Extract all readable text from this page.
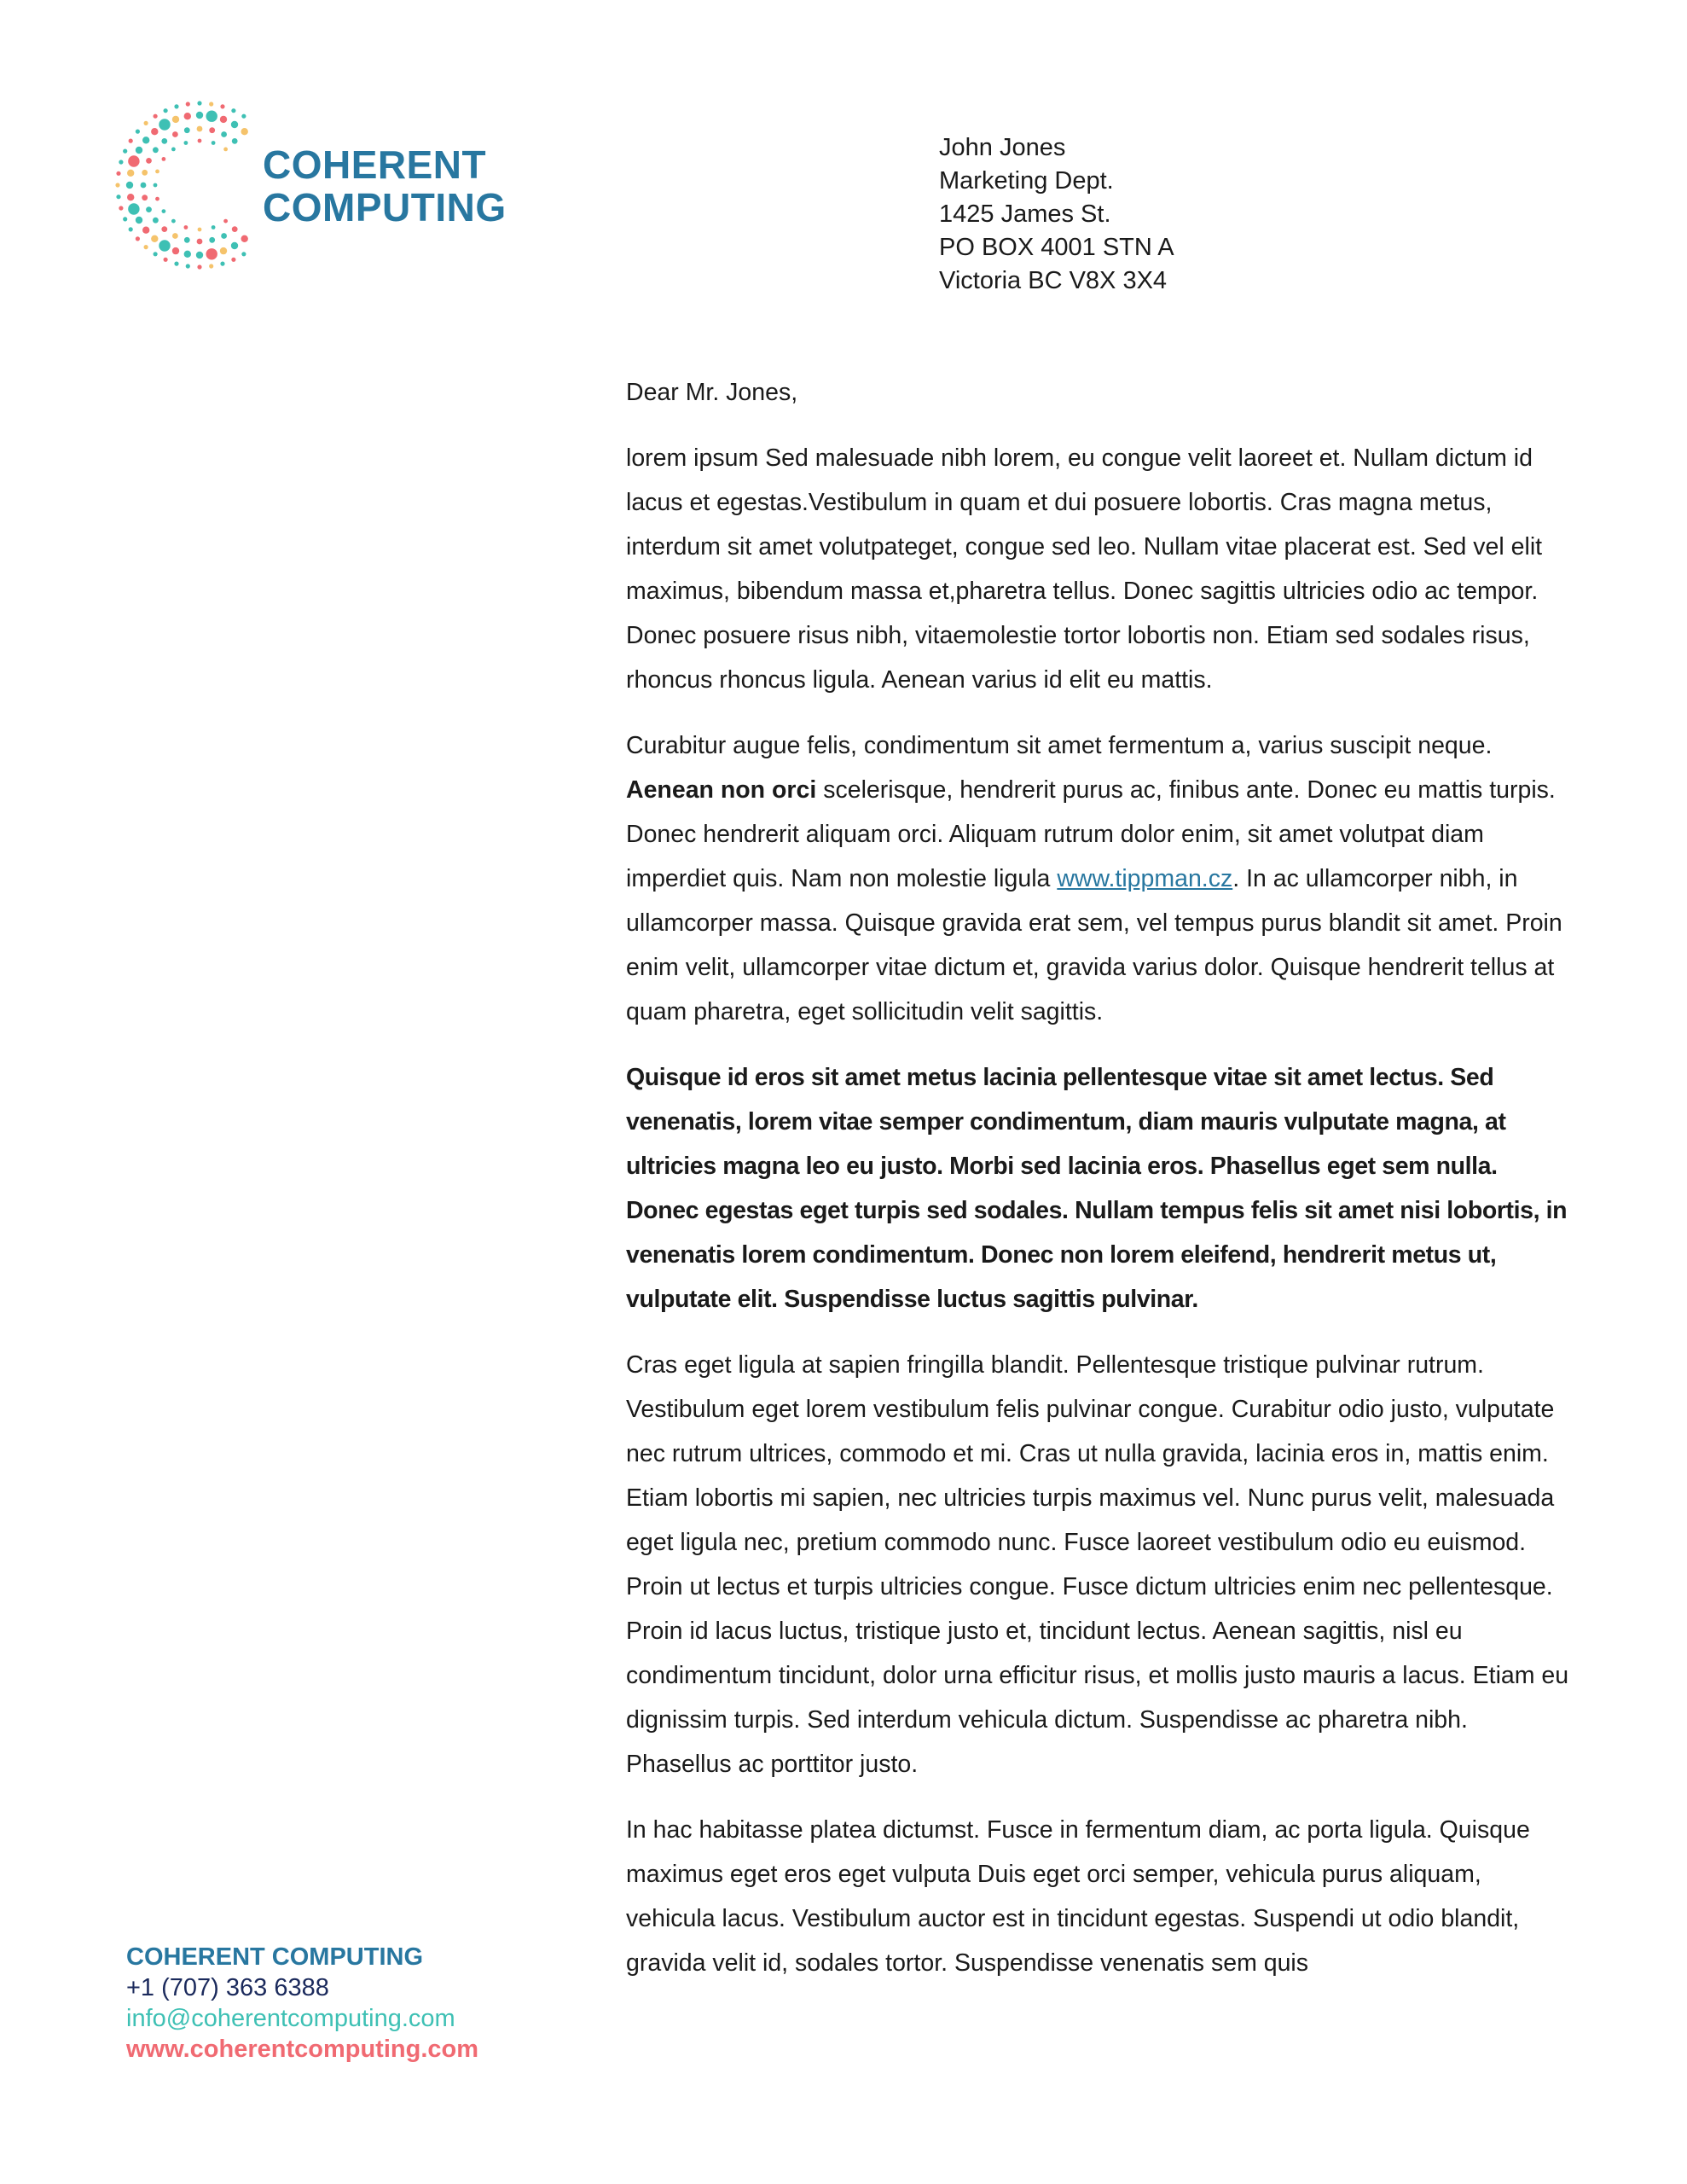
COHERENT
COMPUTING
John Jones
Marketing Dept.
1425 James St.
PO BOX 4001 STN A
Victoria BC V8X 3X4

Dear Mr. Jones,

lorem ipsum Sed malesuade nibh lorem, eu congue velit laoreet et. Nullam dictum id lacus et egestas.Vestibulum in quam et dui posuere lobortis. Cras magna metus, interdum sit amet volutpateget, congue sed leo. Nullam vitae placerat est. Sed vel elit maximus, bibendum massa et,pharetra tellus. Donec sagittis ultricies odio ac tempor. Donec posuere risus nibh, vitaemolestie tortor lobortis non. Etiam sed sodales risus, rhoncus rhoncus ligula. Aenean varius id elit eu mattis.

Curabitur augue felis, condimentum sit amet fermentum a, varius suscipit neque. Aenean non orci scelerisque, hendrerit purus ac, finibus ante. Donec eu mattis turpis. Donec hendrerit aliquam orci. Aliquam rutrum dolor enim, sit amet volutpat diam imperdiet quis. Nam non molestie ligula www.tippman.cz. In ac ullamcorper nibh, in ullamcorper massa. Quisque gravida erat sem, vel tempus purus blandit sit amet. Proin enim velit, ullamcorper vitae dictum et, gravida varius dolor. Quisque hendrerit tellus at quam pharetra, eget sollicitudin velit sagittis.

Quisque id eros sit amet metus lacinia pellentesque vitae sit amet lectus. Sed venenatis, lorem vitae semper condimentum, diam mauris vulputate magna, at ultricies magna leo eu justo. Morbi sed lacinia eros. Phasellus eget sem nulla. Donec egestas eget turpis sed sodales. Nullam tempus felis sit amet nisi lobortis, in venenatis lorem condimentum. Donec non lorem eleifend, hendrerit metus ut, vulputate elit. Suspendisse luctus sagittis pulvinar.

Cras eget ligula at sapien fringilla blandit. Pellentesque tristique pulvinar rutrum. Vestibulum eget lorem vestibulum felis pulvinar congue. Curabitur odio justo, vulputate nec rutrum ultrices, commodo et mi. Cras ut nulla gravida, lacinia eros in, mattis enim. Etiam lobortis mi sapien, nec ultricies turpis maximus vel. Nunc purus velit, malesuada eget ligula nec, pretium commodo nunc. Fusce laoreet vestibulum odio eu euismod. Proin ut lectus et turpis ultricies congue. Fusce dictum ultricies enim nec pellentesque. Proin id lacus luctus, tristique justo et, tincidunt lectus. Aenean sagittis, nisl eu condimentum tincidunt, dolor urna efficitur risus, et mollis justo mauris a lacus. Etiam eu dignissim turpis. Sed interdum vehicula dictum. Suspendisse ac pharetra nibh. Phasellus ac porttitor justo.

In hac habitasse platea dictumst. Fusce in fermentum diam, ac porta ligula. Quisque maximus eget eros eget vulputa Duis eget orci semper, vehicula purus aliquam, vehicula lacus. Vestibulum auctor est in tincidunt egestas. Suspendi ut odio blandit, gravida velit id, sodales tortor. Suspendisse venenatis sem quis

COHERENT COMPUTING
+1 (707) 363 6388
info@coherentcomputing.com
www.coherentcomputing.com
